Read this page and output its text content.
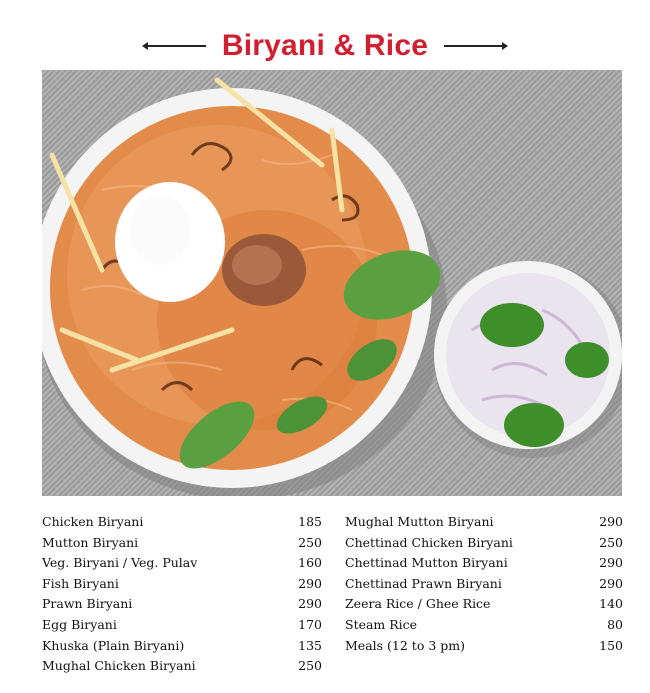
Biryani & Rice
Chicken Biryani	185
Mutton Biryani	250
Veg. Biryani / Veg. Pulav	160
Fish Biryani	290
Prawn Biryani	290
Egg Biryani	170
Khuska (Plain Biryani)	135
Mughal Chicken Biryani	250
Mughal Mutton Biryani	290
Chettinad Chicken Biryani	250
Chettinad Mutton Biryani	290
Chettinad Prawn Biryani	290
Zeera Rice / Ghee Rice	140
Steam Rice	80
Meals (12 to 3 pm)	150
